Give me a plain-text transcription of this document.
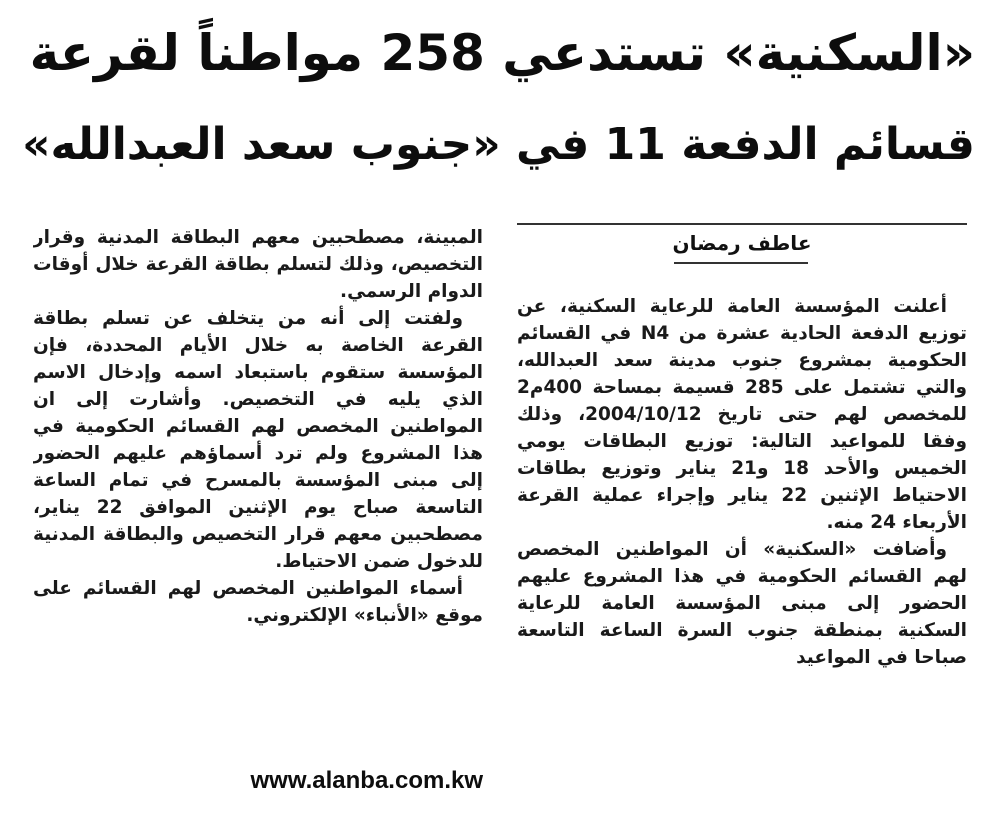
«السكنية» تستدعي 258 مواطناً لقرعة
قسائم الدفعة 11 في «جنوب سعد العبدالله»
عاطف رمضان

أعلنت المؤسسة العامة للرعاية السكنية، عن توزيع الدفعة الحادية عشرة من N4 في القسائم الحكومية بمشروع جنوب مدينة سعد العبدالله، والتي تشتمل على 285 قسيمة بمساحة 400م2 للمخصص لهم حتى تاريخ 2004/10/12، وذلك وفقا للمواعيد التالية: توزيع البطاقات يومي الخميس والأحد 18 و21 يناير وتوزيع بطاقات الاحتياط الإثنين 22 يناير وإجراء عملية القرعة الأربعاء 24 منه.

وأضافت «السكنية» أن المواطنين المخصص لهم القسائم الحكومية في هذا المشروع عليهم الحضور إلى مبنى المؤسسة العامة للرعاية السكنية بمنطقة جنوب السرة الساعة التاسعة صباحا في المواعيد

المبينة، مصطحبين معهم البطاقة المدنية وقرار التخصيص، وذلك لتسلم بطاقة القرعة خلال أوقات الدوام الرسمي.

ولفتت إلى أنه من يتخلف عن تسلم بطاقة القرعة الخاصة به خلال الأيام المحددة، فإن المؤسسة ستقوم باستبعاد اسمه وإدخال الاسم الذي يليه في التخصيص. وأشارت إلى ان المواطنين المخصص لهم القسائم الحكومية في هذا المشروع ولم ترد أسماؤهم عليهم الحضور إلى مبنى المؤسسة بالمسرح في تمام الساعة التاسعة صباح يوم الإثنين الموافق 22 يناير، مصطحبين معهم قرار التخصيص والبطاقة المدنية للدخول ضمن الاحتياط.

أسماء المواطنين المخصص لهم القسائم على موقع «الأنباء» الإلكتروني.

www.alanba.com.kw
